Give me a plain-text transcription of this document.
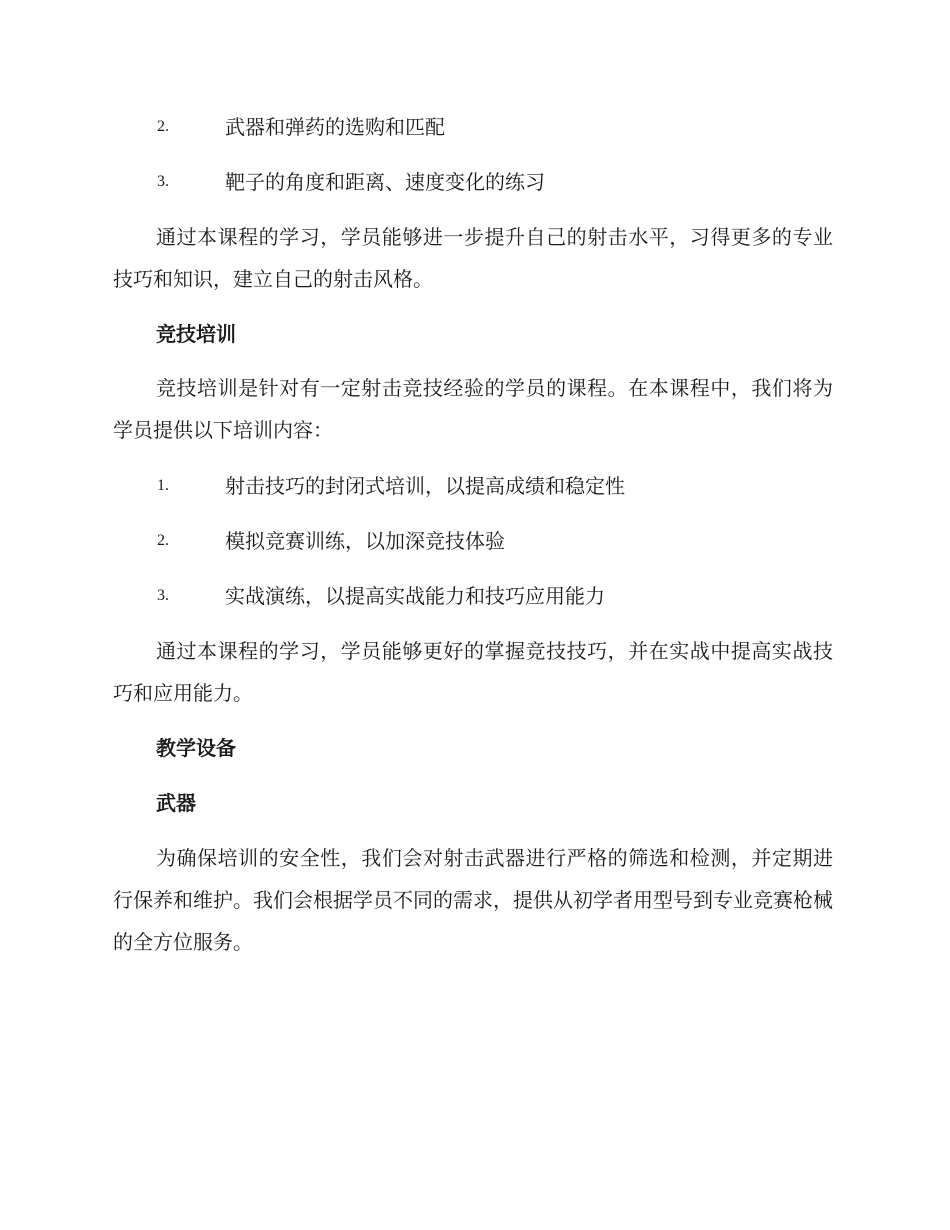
2.	武器和弹药的选购和匹配
3.	靶子的角度和距离、速度变化的练习

通过本课程的学习，学员能够进一步提升自己的射击水平，习得更多的专业技巧和知识，建立自己的射击风格。

竞技培训

竞技培训是针对有一定射击竞技经验的学员的课程。在本课程中，我们将为学员提供以下培训内容：

1.	射击技巧的封闭式培训，以提高成绩和稳定性
2.	模拟竞赛训练，以加深竞技体验
3.	实战演练，以提高实战能力和技巧应用能力

通过本课程的学习，学员能够更好的掌握竞技技巧，并在实战中提高实战技巧和应用能力。

教学设备
武器

为确保培训的安全性，我们会对射击武器进行严格的筛选和检测，并定期进行保养和维护。我们会根据学员不同的需求，提供从初学者用型号到专业竞赛枪械的全方位服务。
